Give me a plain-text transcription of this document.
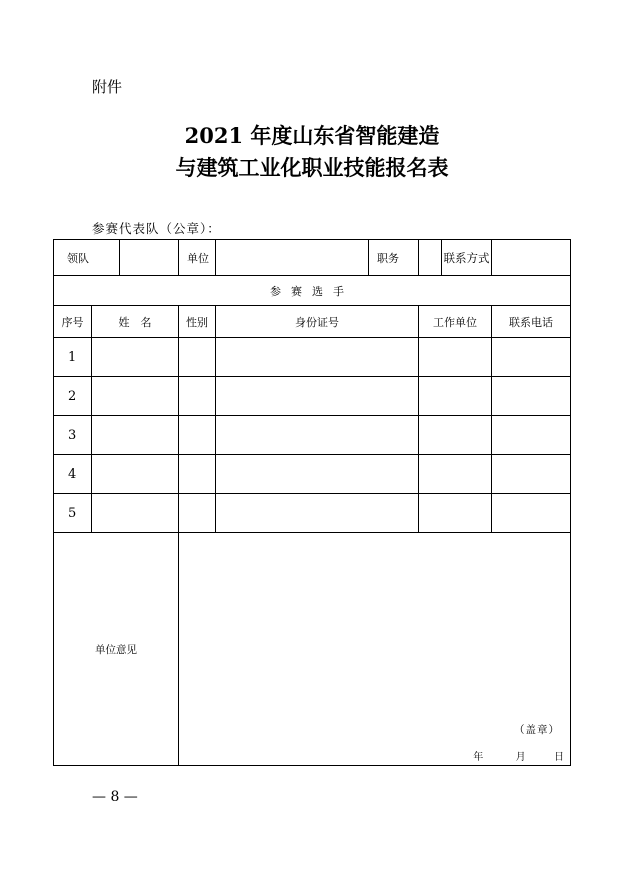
附件
2021 年度山东省智能建造
与建筑工业化职业技能报名表
参赛代表队（公章）：
领队		单位		职务		联系方式	
参赛选手							
序号	姓　名	性别	身份证号		工作单位		联系电话
1							
2							
3							
4							
5							
单位意见		（盖章）
年 月 日					
— 8 —
